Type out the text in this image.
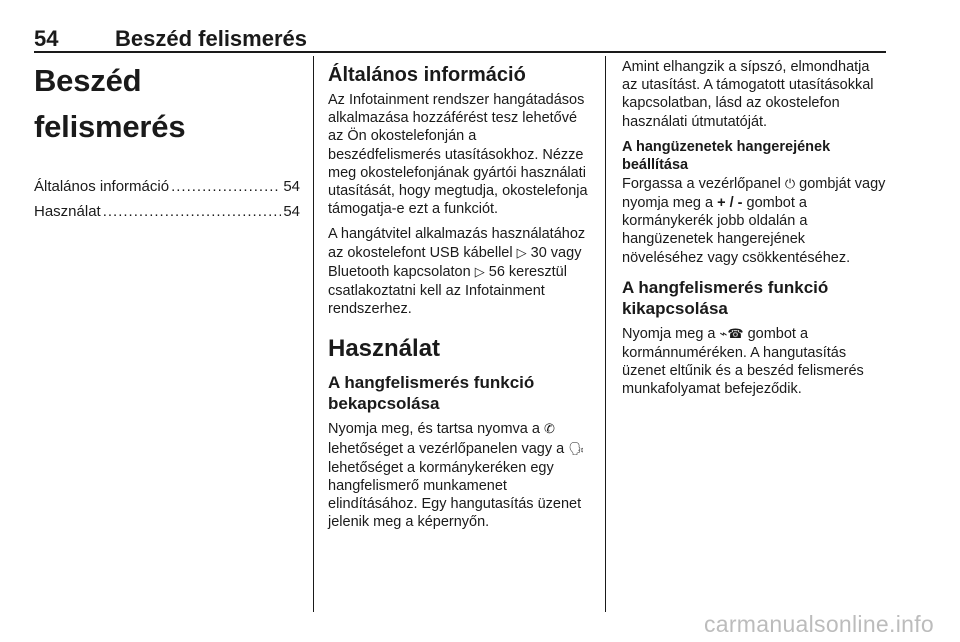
54	Beszéd felismerés
Beszéd felismerés
Általános információ .....	54
Használat .....	54
Általános információ
Az Infotainment rendszer hangátadásos alkalmazása hozzáférést tesz lehetővé az Ön okostelefonján a beszédfelismerés utasításokhoz. Nézze meg okostelefonjának gyártói használati utasítását, hogy megtudja, okostelefonja támogatja-e ezt a funkciót.
A hangátvitel alkalmazás használatához az okostelefont USB kábellel ▷ 30 vagy Bluetooth kapcsolaton ▷ 56 keresztül csatlakoztatni kell az Infotainment rendszerhez.
Használat
A hangfelismerés funkció bekapcsolása
Nyomja meg, és tartsa nyomva a ✆ lehetőséget a vezérlőpanelen vagy a 🗣 lehetőséget a kormánykeréken egy hangfelismerő munkamenet elindításához. Egy hangutasítás üzenet jelenik meg a képernyőn.
Amint elhangzik a sípszó, elmondhatja az utasítást. A támogatott utasításokkal kapcsolatban, lásd az okostelefon használati útmutatóját.
A hangüzenetek hangerejének beállítása
Forgassa a vezérlőpanel ⏻ gombját vagy nyomja meg a + / - gombot a kormánykerék jobb oldalán a hangüzenetek hangerejének növeléséhez vagy csökkentéséhez.
A hangfelismerés funkció kikapcsolása
Nyomja meg a ⌁☎ gombot a kormánnuméréken. A hangutasítás üzenet eltűnik és a beszéd felismerés munkafolyamat befejeződik.
carmanualsonline.info
